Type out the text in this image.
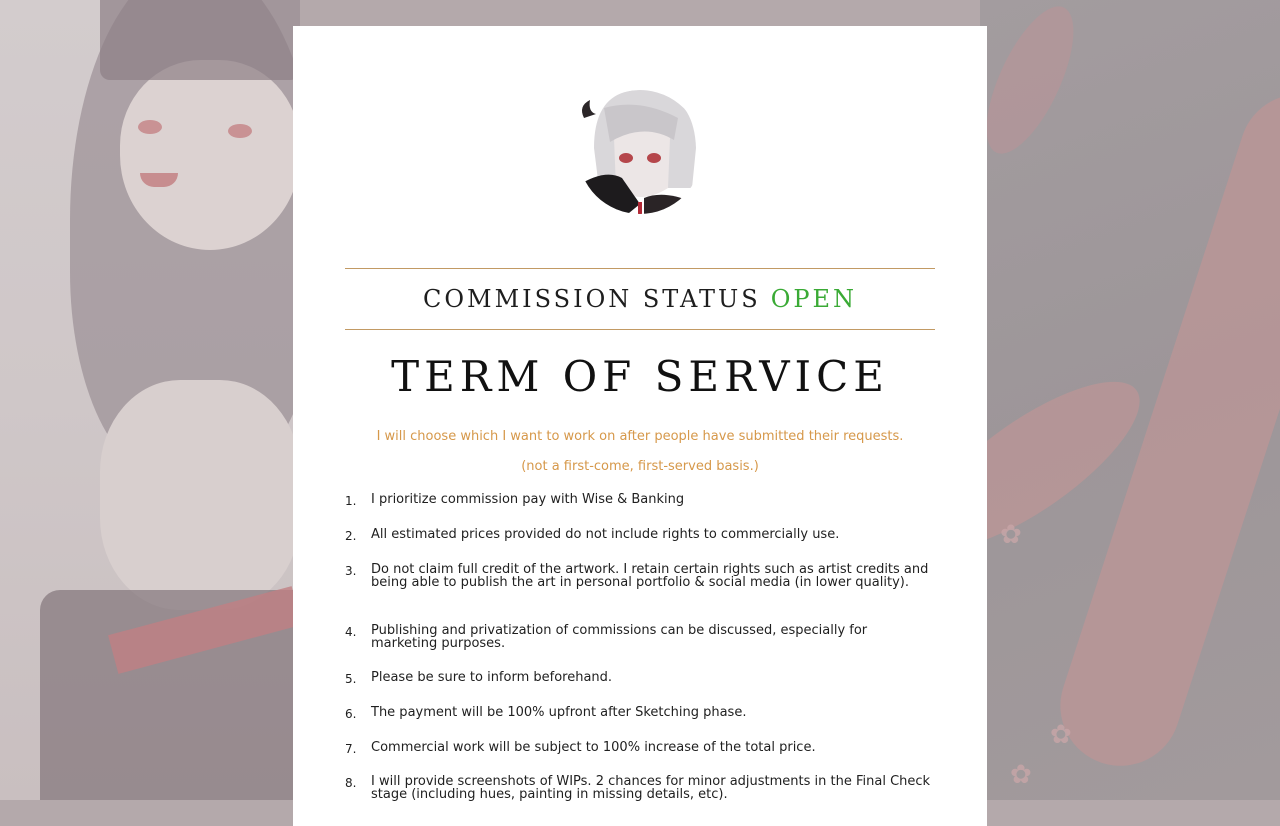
✿
✿
✿
COMMISSION STATUS OPEN
TERM OF SERVICE
I will choose which I want to work on after people have submitted their requests.
(not a first-come, first-served basis.)
1.	I prioritize commission pay with Wise & Banking
2.	All estimated prices provided do not include rights to commercially use.
3.	Do not claim full credit of the artwork. I retain certain rights such as artist credits and being able to publish the art in personal portfolio & social media (in lower quality).
4.	Publishing and privatization of commissions can be discussed, especially for marketing purposes.
5.	Please be sure to inform beforehand.
6.	The payment will be 100% upfront after Sketching phase.
7.	Commercial work will be subject to 100% increase of the total price.
8.	I will provide screenshots of WIPs. 2 chances for minor adjustments in the Final Check stage (including hues, painting in missing details, etc).
